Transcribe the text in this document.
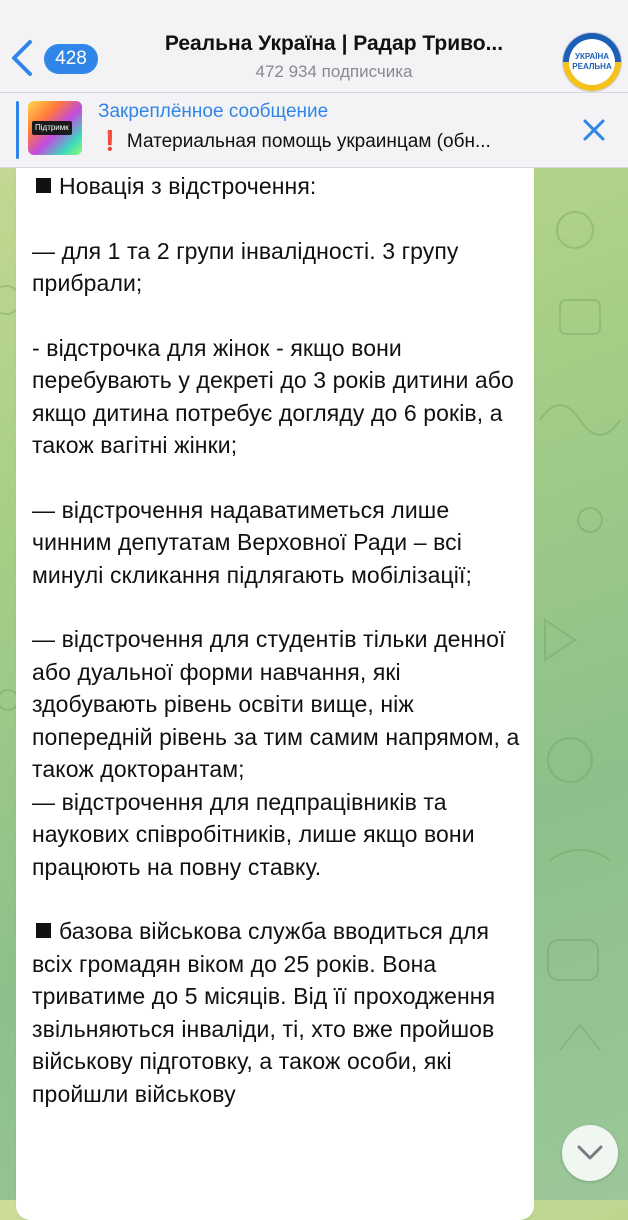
428
Реальна Україна | Радар Триво...
472 934 подписчика
УКРАЇНА
РЕАЛЬНА
Підтримк
Закреплённое сообщение
❗ Материальная помощь украинцам (обн...

Новація з відстрочення:

— для 1 та 2 групи інвалідності. 3 групу прибрали;

- відстрочка для жінок - якщо вони перебувають у декреті до 3 років дитини або якщо дитина потребує догляду до 6 років, а також вагітні жінки;

— відстрочення надаватиметься лише чинним депутатам Верховної Ради – всі минулі скликання підлягають мобілізації;

— відстрочення для студентів тільки денної або дуальної форми навчання, які здобувають рівень освіти вище, ніж попередній рівень за тим самим напрямом, а також докторантам;

— відстрочення для педпрацівників та наукових співробітників, лише якщо вони працюють на повну ставку.

базова військова служба вводиться для всіх громадян віком до 25 років. Вона триватиме до 5 місяців. Від її проходження звільняються інваліди, ті, хто вже пройшов військову підготовку, а також особи, які пройшли військову
